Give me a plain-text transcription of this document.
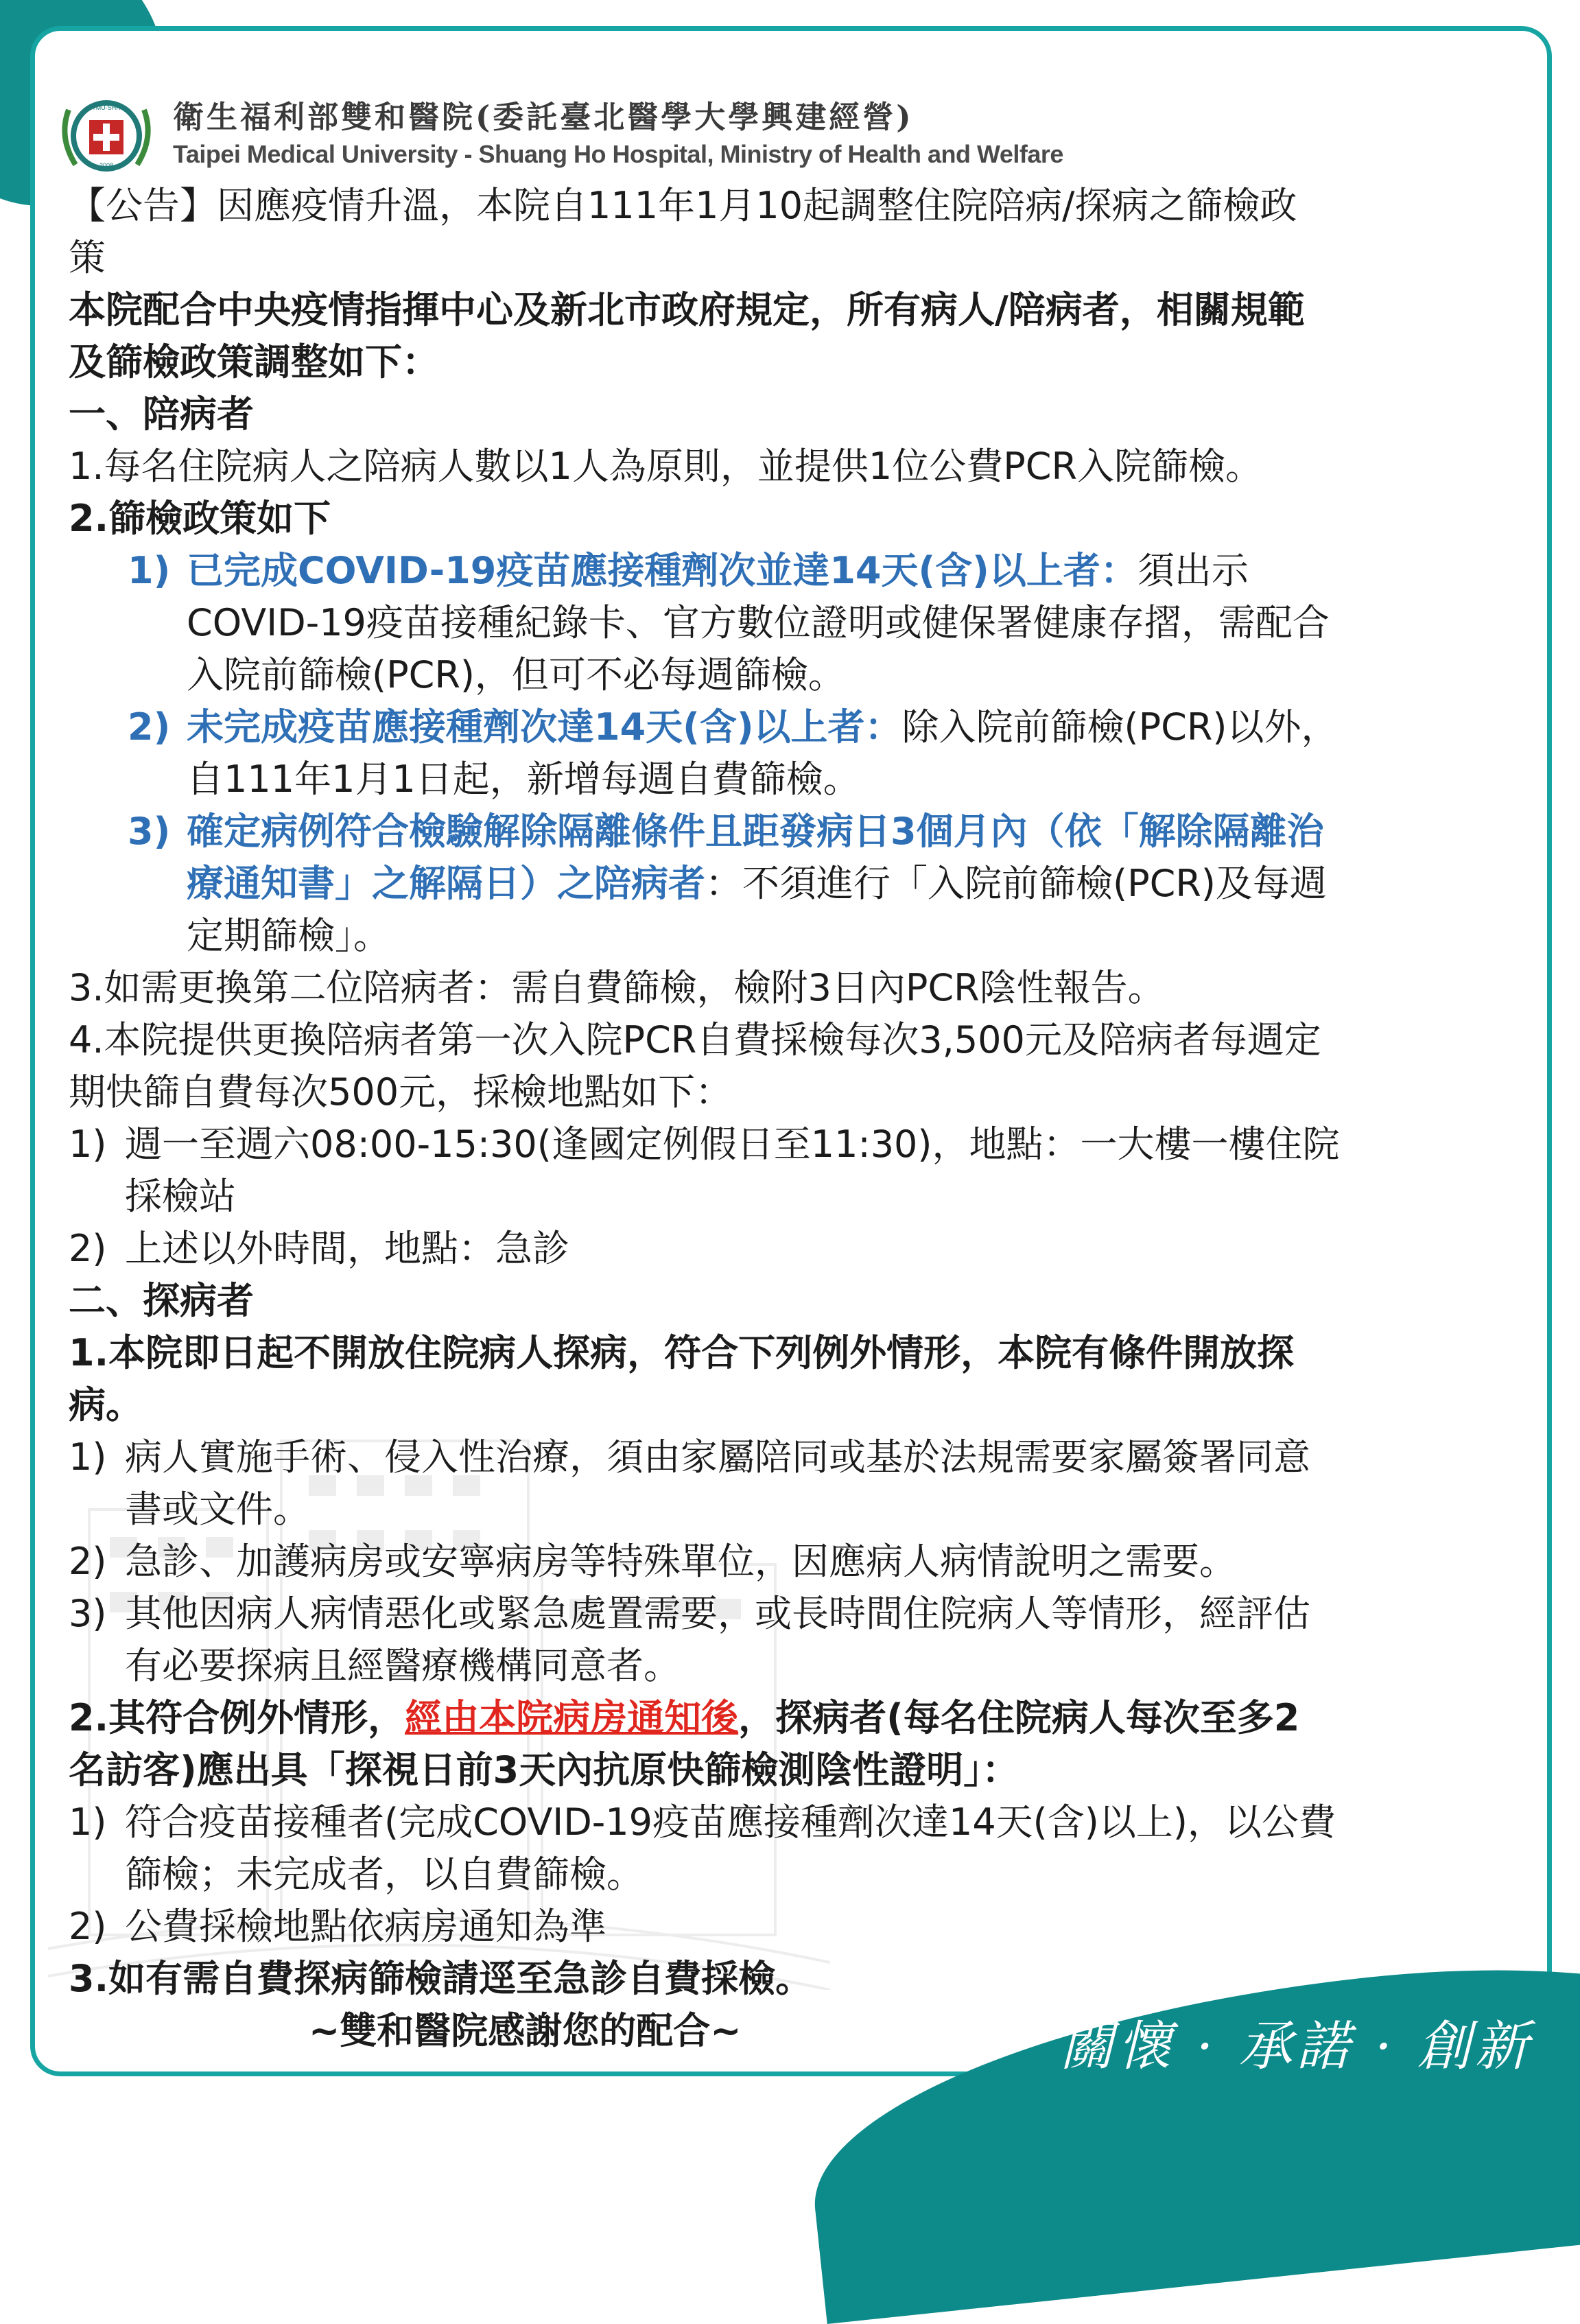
TMU-SHH
2008
衛生福利部雙和醫院(委託臺北醫學大學興建經營)
Taipei Medical University - Shuang Ho Hospital, Ministry of Health and Welfare

【公告】因應疫情升溫，本院自111年1月10起調整住院陪病/探病之篩檢政

策

本院配合中央疫情指揮中心及新北市政府規定，所有病人/陪病者，相關規範

及篩檢政策調整如下：

一、陪病者

1.每名住院病人之陪病人數以1人為原則，並提供1位公費PCR入院篩檢。

2.篩檢政策如下

1) 已完成COVID-19疫苗應接種劑次並達14天(含)以上者：須出示

COVID-19疫苗接種紀錄卡、官方數位證明或健保署健康存摺，需配合

入院前篩檢(PCR)，但可不必每週篩檢。

2) 未完成疫苗應接種劑次達14天(含)以上者：除入院前篩檢(PCR)以外，

自111年1月1日起，新增每週自費篩檢。

3) 確定病例符合檢驗解除隔離條件且距發病日3個月內（依「解除隔離治

療通知書」之解隔日）之陪病者：不須進行「入院前篩檢(PCR)及每週

定期篩檢」。

3.如需更換第二位陪病者：需自費篩檢，檢附3日內PCR陰性報告。

4.本院提供更換陪病者第一次入院PCR自費採檢每次3,500元及陪病者每週定

期快篩自費每次500元，採檢地點如下：

1) 週一至週六08:00-15:30(逢國定例假日至11:30)，地點：一大樓一樓住院

採檢站

2) 上述以外時間，地點：急診

二、探病者

1.本院即日起不開放住院病人探病，符合下列例外情形，本院有條件開放探

病。

1) 病人實施手術、侵入性治療，須由家屬陪同或基於法規需要家屬簽署同意

書或文件。

2) 急診、加護病房或安寧病房等特殊單位，因應病人病情說明之需要。

3) 其他因病人病情惡化或緊急處置需要，或長時間住院病人等情形，經評估

有必要探病且經醫療機構同意者。

2.其符合例外情形，經由本院病房通知後，探病者(每名住院病人每次至多2

名訪客)應出具「探視日前3天內抗原快篩檢測陰性證明」：

1) 符合疫苗接種者(完成COVID-19疫苗應接種劑次達14天(含)以上)，以公費

篩檢；未完成者，以自費篩檢。

2) 公費採檢地點依病房通知為準

3.如有需自費探病篩檢請逕至急診自費採檢。

~雙和醫院感謝您的配合~	關懷 · 承諾 · 創新
